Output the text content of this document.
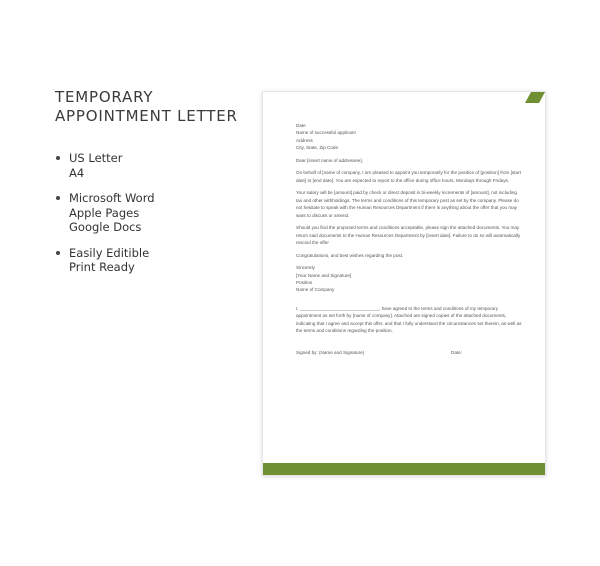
TEMPORARY
APPOINTMENT LETTER
US Letter
A4
Microsoft Word
Apple Pages
Google Docs
Easily Editible
Print Ready
Date
Name of successful applicant
Address
City, State, Zip Code

Dear [insert name of addressee],

On behalf of [name of company, I am pleased to appoint you temporarily for the position of [position] from [start date] to [end date]. You are expected to report to the office during office hours, Mondays through Fridays.

Your salary will be [amount] paid by check or direct deposit in bi-weekly increments of [amount], not including tax and other withholdings. The terms and conditions of this temporary post as set by the company. Please do not hesitate to speak with the Human Resources Department if there is anything about the offer that you may want to discuss or amend.

Should you find the proposed terms and conditions acceptable, please sign the attached documents. You may return said documents to the Human Resources Department by [insert date]. Failure to do so will automatically rescind the offer

Congratulations, and best wishes regarding the post.

Sincerely
[Your Name and Signature]
Position
Name of Company

I, _______________________________, have agreed to the terms and conditions of my temporary appointment as set forth by [name of company]. Attached are signed copies of the attached documents, indicating that I agree and accept this offer, and that I fully understand the circumstances set therein, as well as the terms and conditions regarding the position.

Signed by: (Name and Signature)	Date:
